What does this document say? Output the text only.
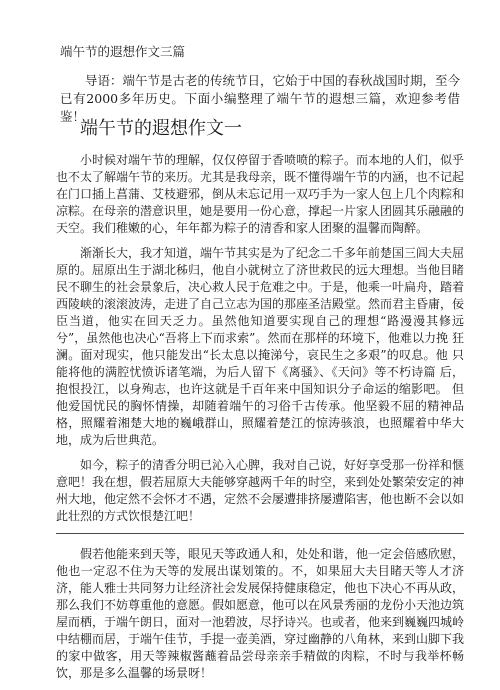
端午节的遐想作文三篇

导语：端午节是古老的传统节日，它始于中国的春秋战国时期，至今已有2000多年历史。下面小编整理了端午节的遐想三篇，欢迎参考借鉴！

端午节的遐想作文一

小时候对端午节的理解，仅仅停留于香喷喷的粽子。而本地的人们，似乎 也不太了解端午节的来历。尤其是我母亲，既不懂得端午节的内涵，也不记起 在门口插上菖蒲、艾枝避邪，倒从未忘记用一双巧手为一家人包上几个肉粽和 凉粽。在母亲的潜意识里，她是要用一份心意，撑起一片家人团圆其乐融融的 天空。我们稚嫩的心，年年都为粽子的清香和家人团聚的温馨而陶醉。

渐渐长大，我才知道，端午节其实是为了纪念二千多年前楚国三闾大夫屈 原的。屈原出生于湖北秭归，他自小就树立了济世救民的远大理想。当他目睹 民不聊生的社会景象后，决心救人民于危难之中。于是，他乘一叶扁舟，踏着 西陵峡的滚滚波涛，走进了自己立志为国的那座圣洁殿堂。然而君主昏庸，佞 臣当道，他实在回天乏力。虽然他知道要实现自己的理想“路漫漫其修远 兮”，虽然他也决心“吾将上下而求索”。然而在那样的环境下，他难以力挽 狂澜。面对现实，他只能发出“长太息以掩涕兮，哀民生之多艰”的叹息。他 只能将他的满腔忧愤诉诸笔端，为后人留下《离骚》、《天问》等不朽诗篇 后，抱恨投江，以身殉志，也许这就是千百年来中国知识分子命运的缩影吧。 但他爱国忧民的胸怀情操，却随着端午的习俗千古传承。他坚毅不屈的精神品 格，照耀着湘楚大地的巍峨群山，照耀着楚江的惊涛骇浪，也照耀着中华大 地，成为后世典范。

如今，粽子的清香分明已沁入心脾，我对自己说，好好享受那一份祥和惬 意吧！我在想，假若屈原大夫能够穿越两千年的时空，来到处处繁荣安定的神 州大地，他定然不会怀才不遇，定然不会屡遭排挤屡遭陷害，他也断不会以如 此壮烈的方式饮恨楚江吧！

假若他能来到天等，眼见天等政通人和，处处和谐，他一定会倍感欣慰， 他也一定忍不住为天等的发展出谋划策的。不，如果屈大夫目睹天等人才济 济，能人雅士共同努力让经济社会发展保持健康稳定，他也下决心不再从政， 那么我们不妨尊重他的意愿。假如愿意，他可以在风景秀丽的龙份小天池边筑 屋而栖，于端午朗日，面对一池碧波，尽抒诗兴。也或者，他来到巍巍四城岭 中结棚而居，于端午佳节，手提一壶美酒，穿过幽静的八角林，来到山脚下我 的家中做客，用天等辣椒酱蘸着品尝母亲亲手精做的肉粽，不时与我举杯畅 饮，那是多么温馨的场景呀！
